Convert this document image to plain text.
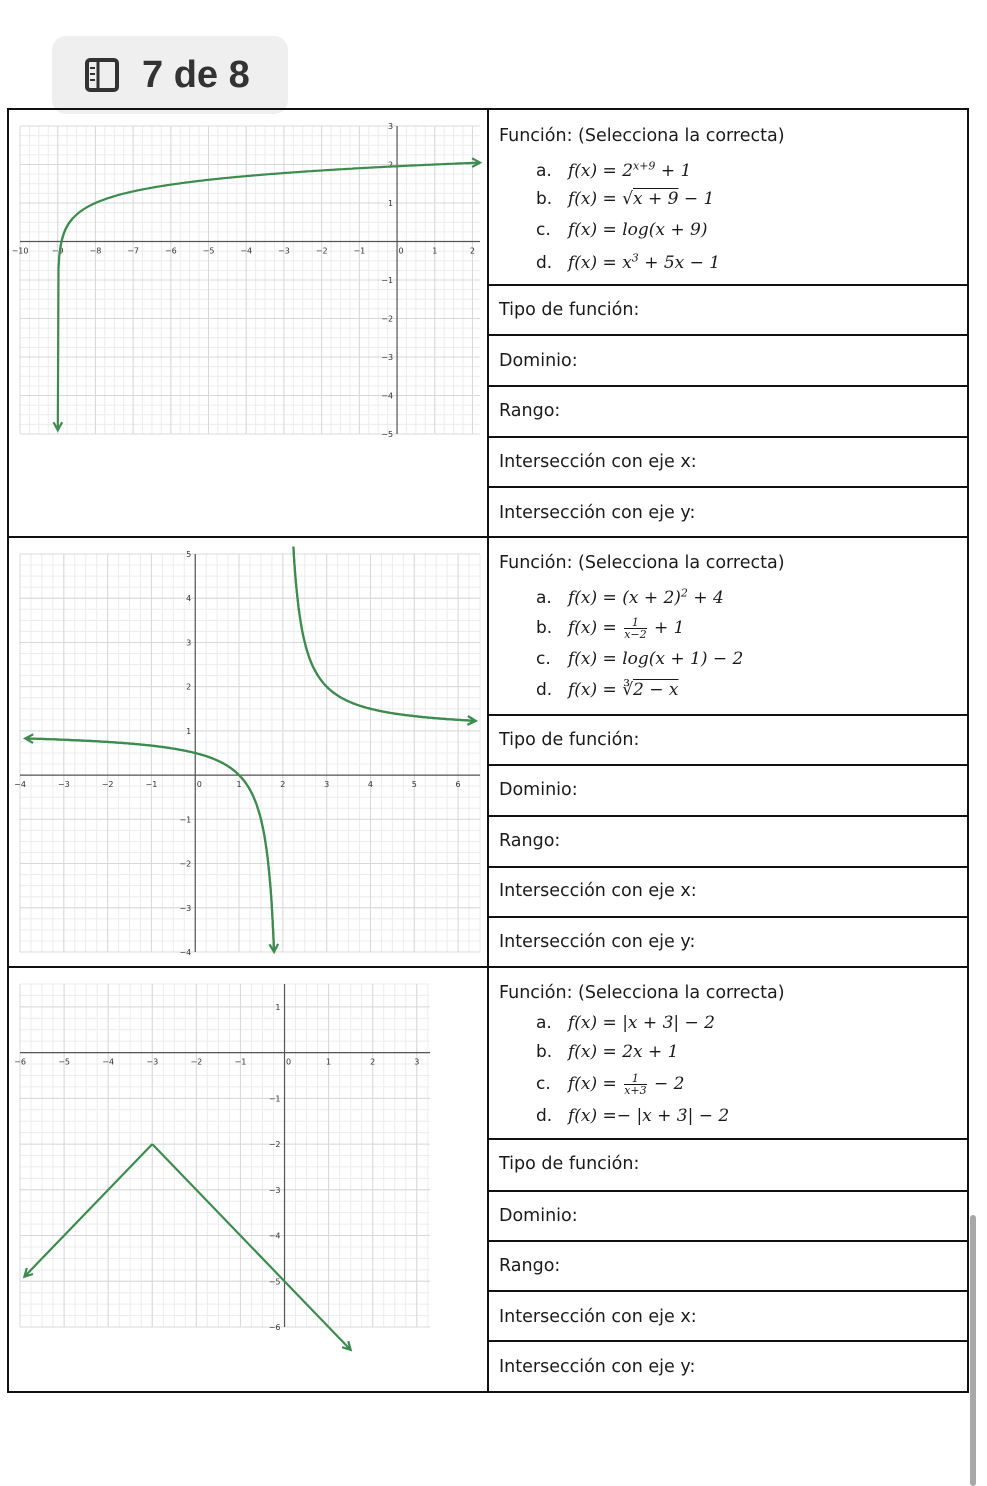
7 de 8
Función: (Selecciona la correcta)
a. $f(x) = 2^{x+9} + 1$
b. f(x) = √x + 9 − 1
c. f(x) = log(x + 9)
d. $f(x) = x^3 + 5x - 1$
Tipo de función:
Dominio:
Rango:
Intersección con eje x:
Intersección con eje y:
Función: (Selecciona la correcta)
a. $f(x) = (x + 2)^2 + 4$
b. $f(x) = \frac{1}{x-2} + 1$
c. f(x) = log(x + 1) − 2
d. f(x) = ∛2 − x
Tipo de función:
Dominio:
Rango:
Intersección con eje x:
Intersección con eje y:
Función: (Selecciona la correcta)
a. f(x) = |x + 3| − 2
b. f(x) = 2x + 1
c. $f(x) = \frac{1}{x+3} - 2$
d. f(x) =− |x + 3| − 2
Tipo de función:
Dominio:
Rango:
Intersección con eje x:
Intersección con eje y:
−10	−9	−8	−7	−6	−5	−4	−3	−2	−1	0	1	2
3
2
1
−1
−2
−3
−4
−5
−4	−3	−2	−1	0	1	2	3	4	5	6
5
4
3
2
1
−1
−2
−3
−4
−6	−5	−4	−3	−2	−1	0	1	2	3
1
−1
−2
−3
−4
−5
−6
